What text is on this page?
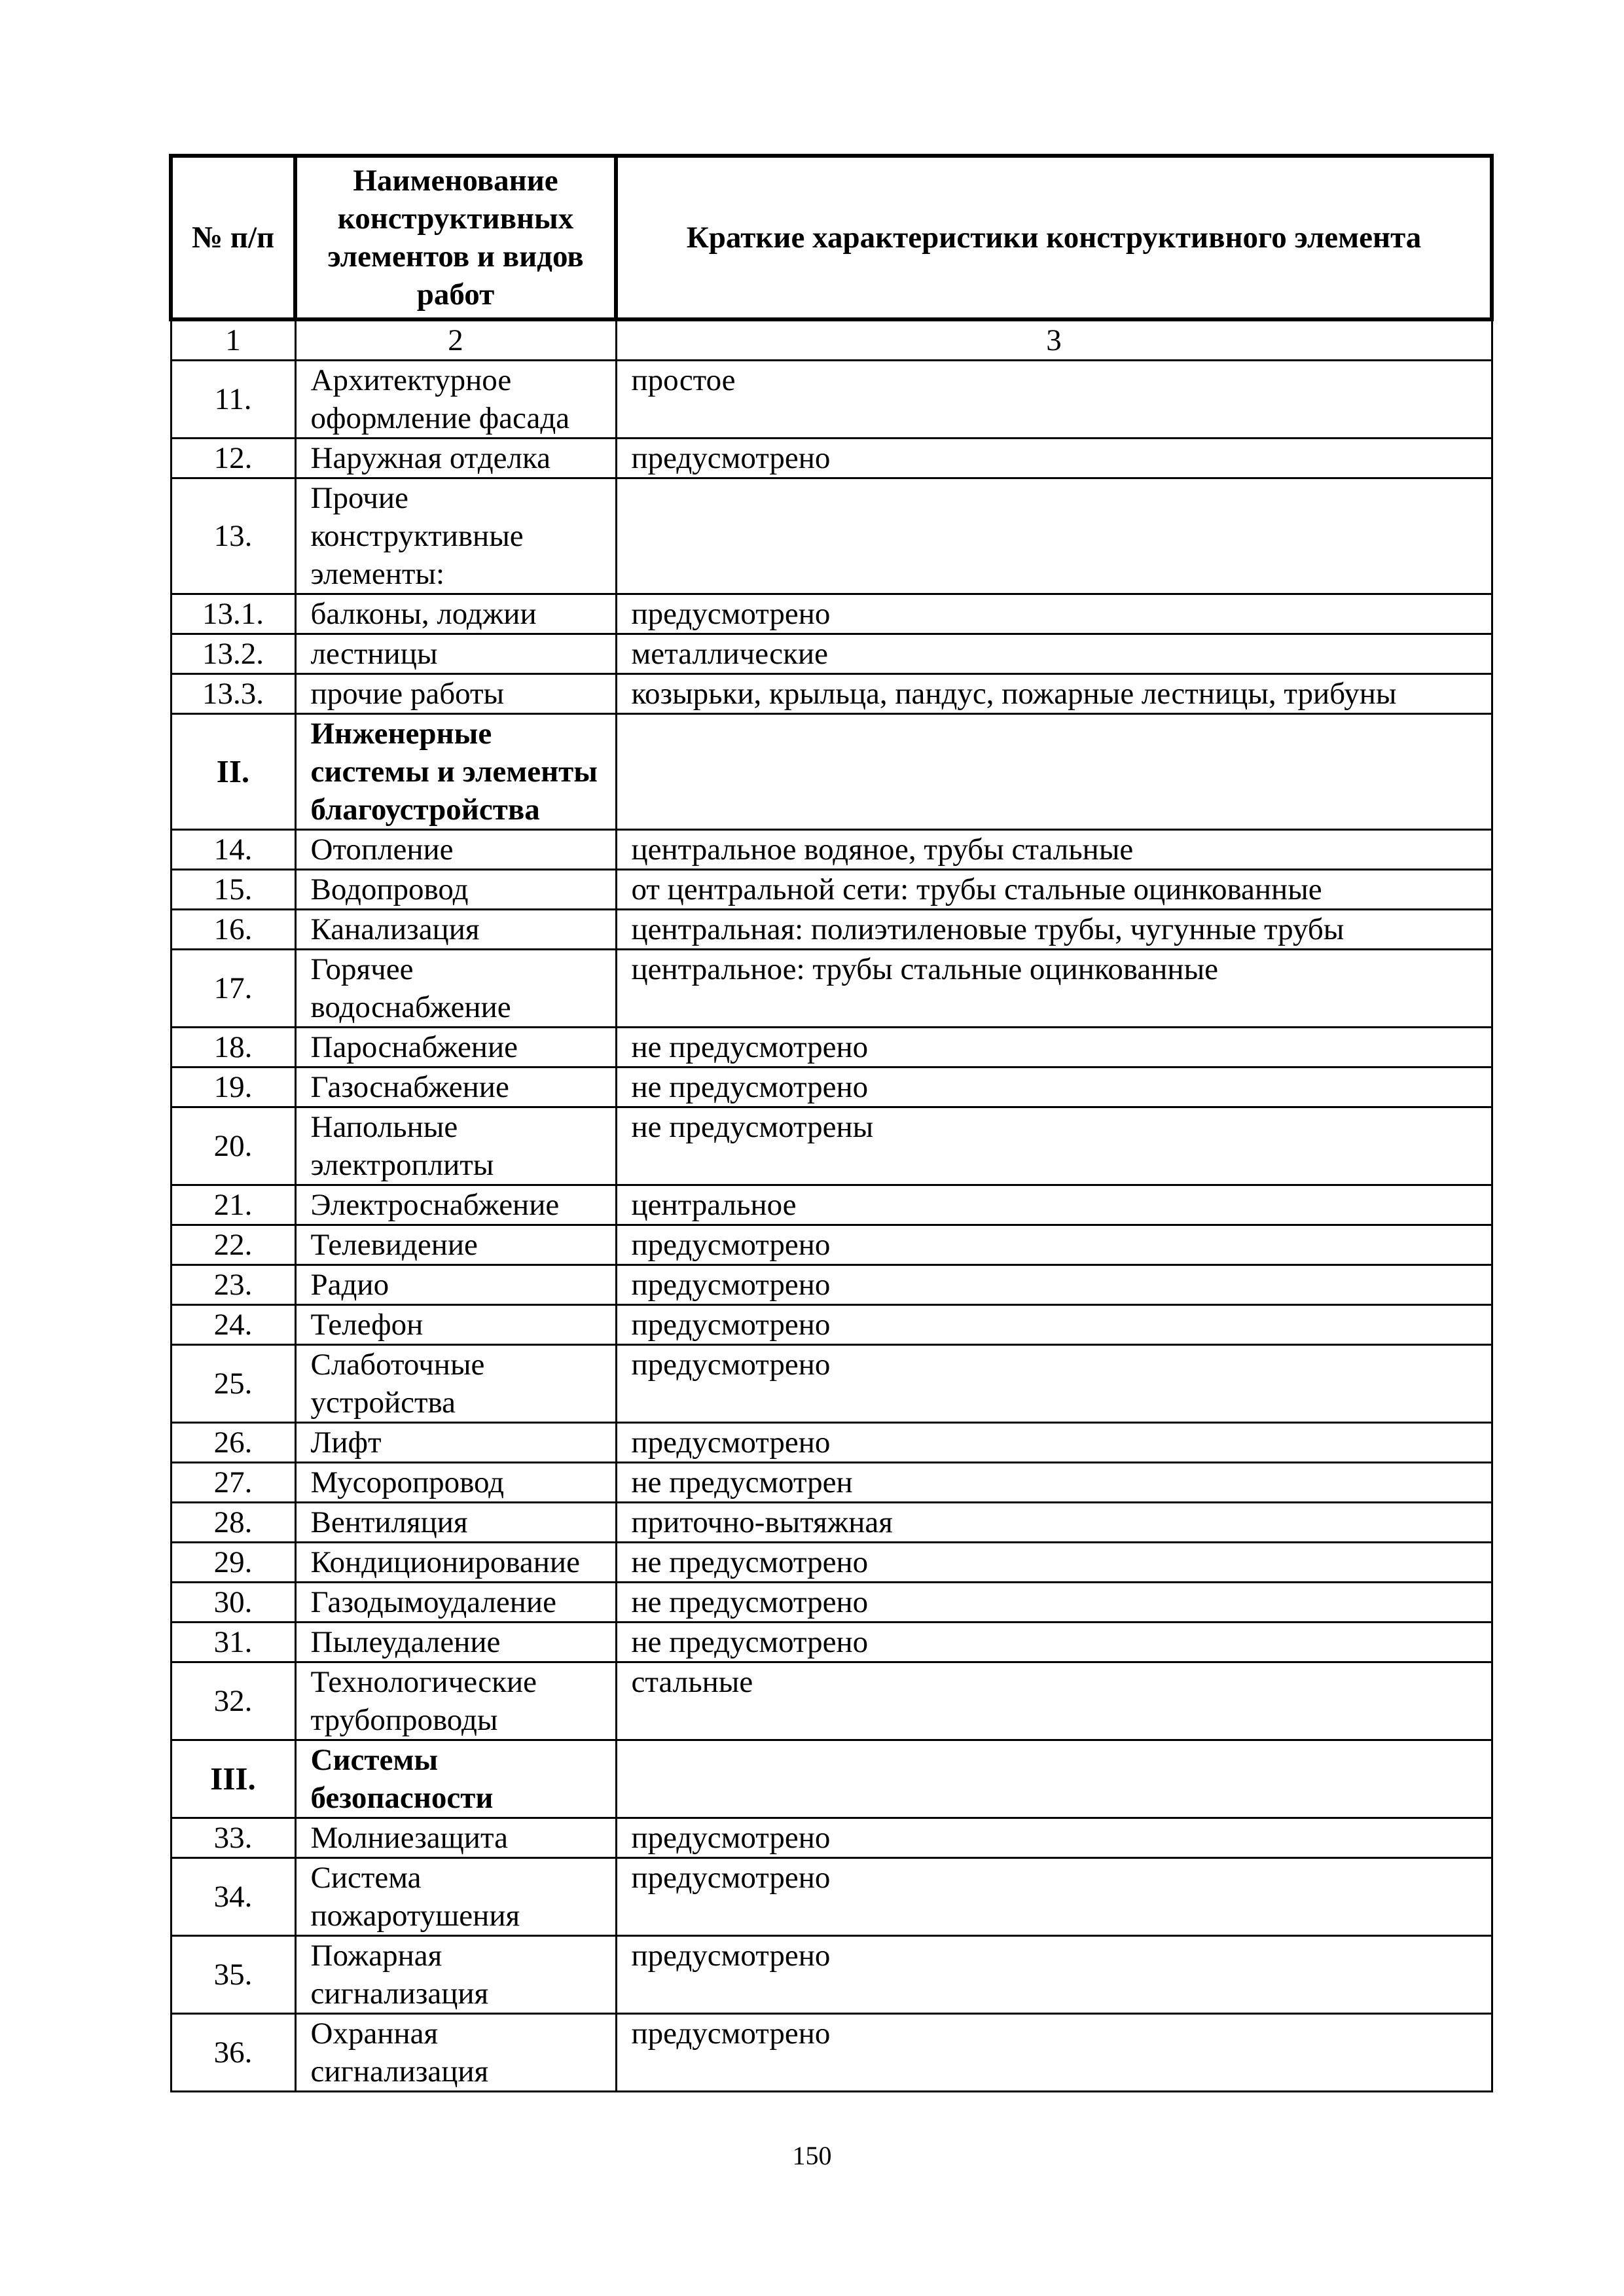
№ п/п	Наименование конструктивных элементов и видов работ	Краткие характеристики конструктивного элемента
1	2	3
11.	Архитектурное оформление фасада	простое
12.	Наружная отделка	предусмотрено
13.	Прочие конструктивные элементы:	
13.1.	балконы, лоджии	предусмотрено
13.2.	лестницы	металлические
13.3.	прочие работы	козырьки, крыльца, пандус, пожарные лестницы, трибуны
II.	Инженерные системы и элементы благоустройства	
14.	Отопление	центральное водяное, трубы стальные
15.	Водопровод	от центральной сети: трубы стальные оцинкованные
16.	Канализация	центральная: полиэтиленовые трубы, чугунные трубы
17.	Горячее водоснабжение	центральное: трубы стальные оцинкованные
18.	Пароснабжение	не предусмотрено
19.	Газоснабжение	не предусмотрено
20.	Напольные электроплиты	не предусмотрены
21.	Электроснабжение	центральное
22.	Телевидение	предусмотрено
23.	Радио	предусмотрено
24.	Телефон	предусмотрено
25.	Слаботочные устройства	предусмотрено
26.	Лифт	предусмотрено
27.	Мусоропровод	не предусмотрен
28.	Вентиляция	приточно-вытяжная
29.	Кондиционирование	не предусмотрено
30.	Газодымоудаление	не предусмотрено
31.	Пылеудаление	не предусмотрено
32.	Технологические трубопроводы	стальные
III.	Системы безопасности	
33.	Молниезащита	предусмотрено
34.	Система пожаротушения	предусмотрено
35.	Пожарная сигнализация	предусмотрено
36.	Охранная сигнализация	предусмотрено
150
